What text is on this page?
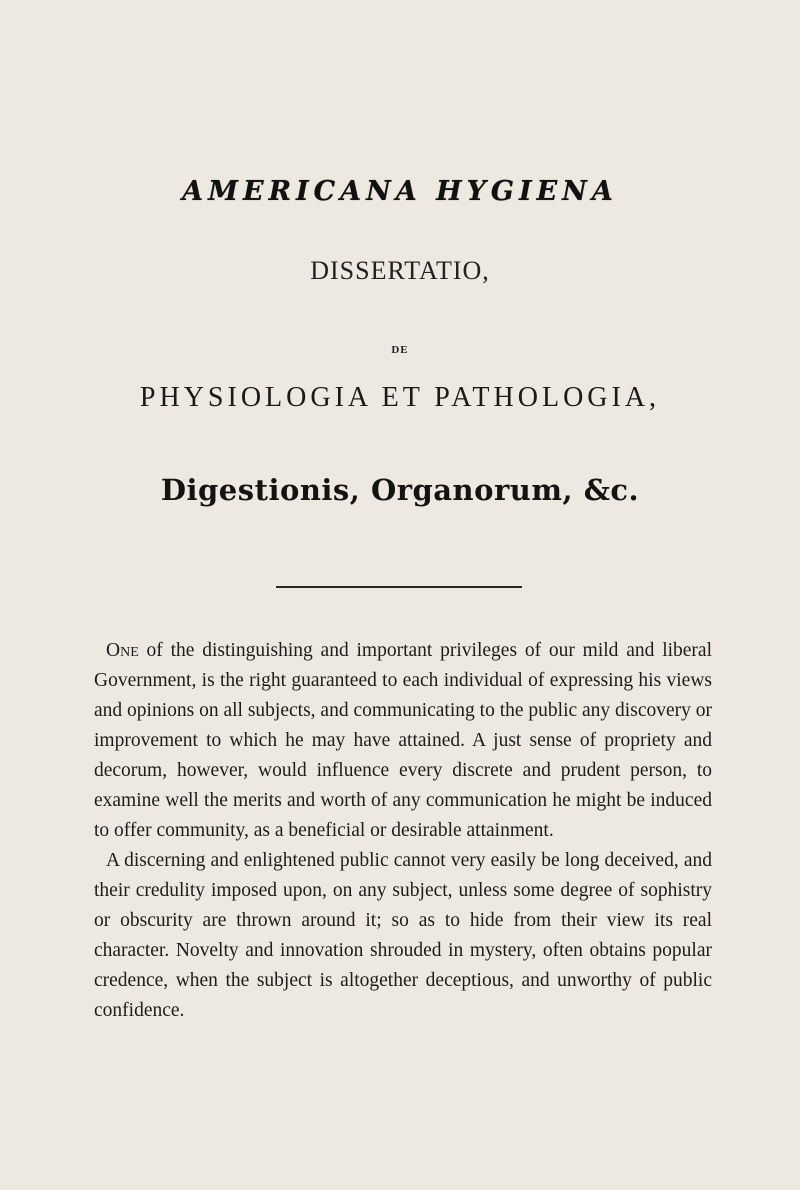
AMERICANA HYGIENA
DISSERTATIO,
DE
PHYSIOLOGIA ET PATHOLOGIA,
Digestionis, Organorum, &c.

One of the distinguishing and important privileges of our mild and liberal Government, is the right guaranteed to each individual of expressing his views and opinions on all subjects, and communicating to the public any discovery or improvement to which he may have attained. A just sense of propriety and decorum, however, would influence every discrete and prudent person, to examine well the merits and worth of any communication he might be induced to offer community, as a beneficial or desirable attainment.

A discerning and enlightened public cannot very easily be long deceived, and their credulity imposed upon, on any subject, unless some degree of sophistry or obscurity are thrown around it; so as to hide from their view its real character. Novelty and innovation shrouded in mystery, often obtains popular credence, when the subject is altogether deceptious, and unworthy of public confidence.
